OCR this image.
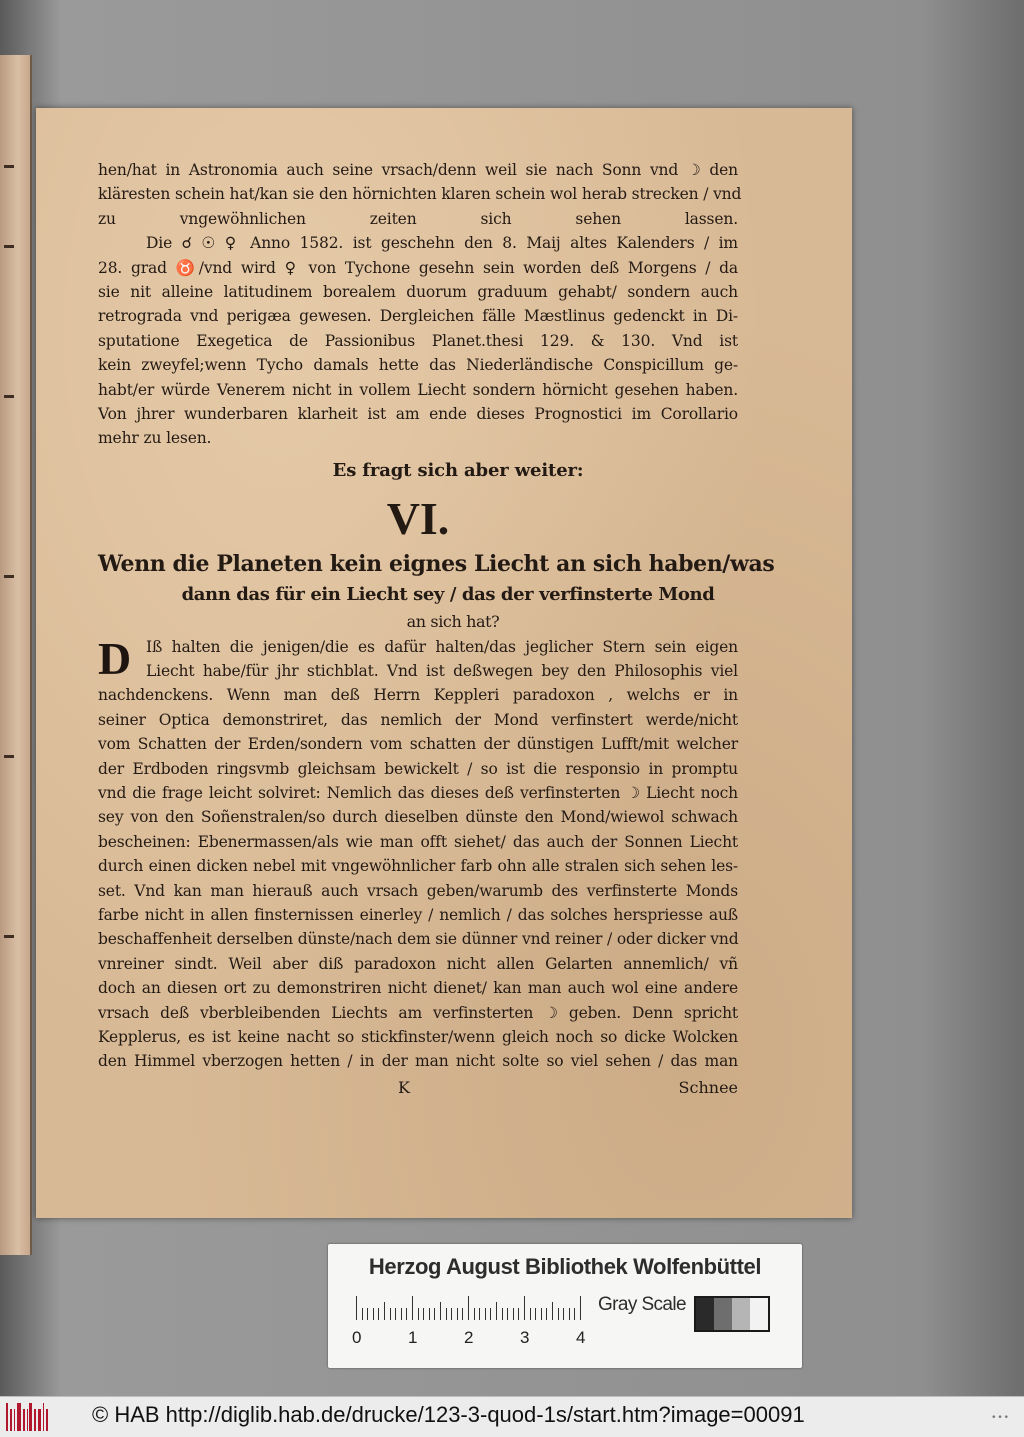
hen/hat in Astronomia auch seine vrsach/denn weil sie nach Sonn vnd ☽ den
kläresten schein hat/kan sie den hörnichten klaren schein wol herab strecken / vnd
zu vngewöhnlichen zeiten sich sehen lassen.
Die ☌ ☉ ♀ Anno 1582. ist geschehn den 8. Maij altes Kalenders / im
28. grad ♉/vnd wird ♀ von Tychone gesehn sein worden deß Morgens / da
sie nit alleine latitudinem borealem duorum graduum gehabt/ sondern auch
retrograda vnd perigæa gewesen. Dergleichen fälle Mæstlinus gedenckt in Di-
sputatione Exegetica de Passionibus Planet.thesi 129. & 130. Vnd ist
kein zweyfel;wenn Tycho damals hette das Niederländische Conspicillum ge-
habt/er würde Venerem nicht in vollem Liecht sondern hörnicht gesehen haben.
Von jhrer wunderbaren klarheit ist am ende dieses Prognostici im Corollario
mehr zu lesen.
Es fragt sich aber weiter:
VI.
Wenn die Planeten kein eignes Liecht an sich haben/was
dann das für ein Liecht sey / das der verfinsterte Mond
an sich hat?
D Iß halten die jenigen/die es dafür halten/das jeglicher Stern sein eigen
Liecht habe/für jhr stichblat. Vnd ist deßwegen bey den Philosophis viel
nachdenckens. Wenn man deß Herrn Keppleri paradoxon , welchs er in
seiner Optica demonstriret, das nemlich der Mond verfinstert werde/nicht
vom Schatten der Erden/sondern vom schatten der dünstigen Lufft/mit welcher
der Erdboden ringsvmb gleichsam bewickelt / so ist die responsio in promptu
vnd die frage leicht solviret: Nemlich das dieses deß verfinsterten ☽ Liecht noch
sey von den Soñenstralen/so durch dieselben dünste den Mond/wiewol schwach
bescheinen: Ebenermassen/als wie man offt siehet/ das auch der Sonnen Liecht
durch einen dicken nebel mit vngewöhnlicher farb ohn alle stralen sich sehen les-
set. Vnd kan man hierauß auch vrsach geben/warumb des verfinsterte Monds
farbe nicht in allen finsternissen einerley / nemlich / das solches herspriesse auß
beschaffenheit derselben dünste/nach dem sie dünner vnd reiner / oder dicker vnd
vnreiner sindt. Weil aber diß paradoxon nicht allen Gelarten annemlich/ vñ
doch an diesen ort zu demonstriren nicht dienet/ kan man auch wol eine andere
vrsach deß vberbleibenden Liechts am verfinsterten ☽ geben. Denn spricht
Kepplerus, es ist keine nacht so stickfinster/wenn gleich noch so dicke Wolcken
den Himmel vberzogen hetten / in der man nicht solte so viel sehen / das man
K	Schnee
Herzog August Bibliothek Wolfenbüttel
0	1	2	3	4
Gray Scale
© HAB http://diglib.hab.de/drucke/123-3-quod-1s/start.htm?image=00091	•••
